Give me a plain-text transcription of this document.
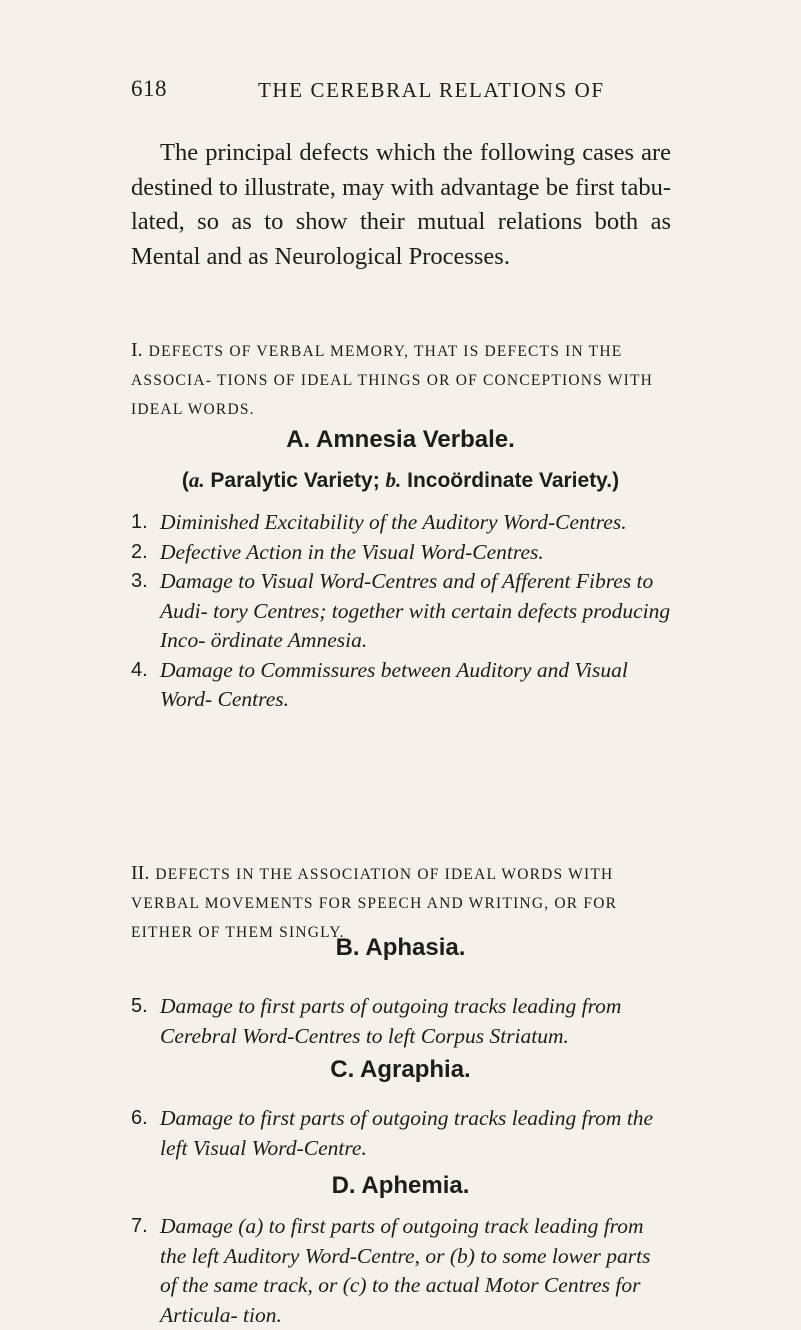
618	THE CEREBRAL RELATIONS OF

The principal defects which the following cases are destined to illustrate, may with advantage be first tabu- lated, so as to show their mutual relations both as Mental and as Neurological Processes.

I. DEFECTS OF VERBAL MEMORY, THAT IS DEFECTS IN THE ASSOCIA- TIONS OF IDEAL THINGS OR OF CONCEPTIONS WITH IDEAL WORDS.
A. Amnesia Verbale.
(a. Paralytic Variety; b. Incoördinate Variety.)
1. Diminished Excitability of the Auditory Word-Centres.
2. Defective Action in the Visual Word-Centres.
3. Damage to Visual Word-Centres and of Afferent Fibres to Audi- tory Centres; together with certain defects producing Inco- ördinate Amnesia.
4. Damage to Commissures between Auditory and Visual Word- Centres.
II. DEFECTS IN THE ASSOCIATION OF IDEAL WORDS WITH VERBAL MOVEMENTS FOR SPEECH AND WRITING, OR FOR EITHER OF THEM SINGLY.
B. Aphasia.
5. Damage to first parts of outgoing tracks leading from Cerebral Word-Centres to left Corpus Striatum.
C. Agraphia.
6. Damage to first parts of outgoing tracks leading from the left Visual Word-Centre.
D. Aphemia.
7. Damage (a) to first parts of outgoing track leading from the left Auditory Word-Centre, or (b) to some lower parts of the same track, or (c) to the actual Motor Centres for Articula- tion.
